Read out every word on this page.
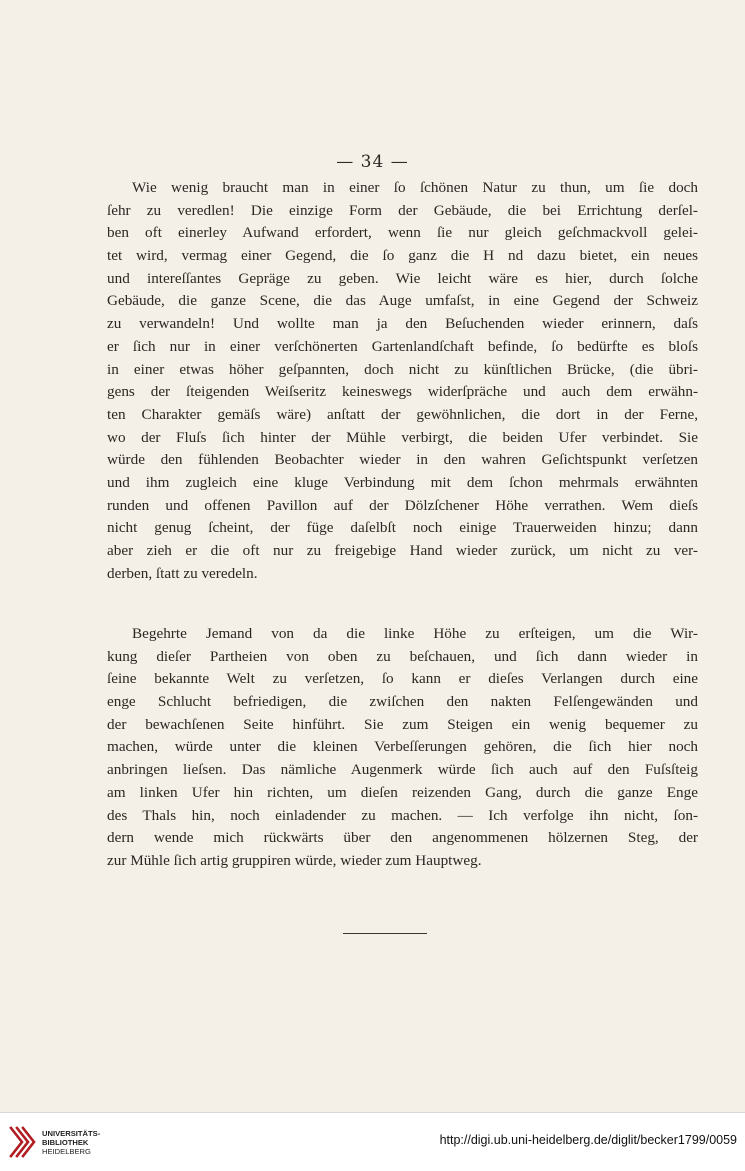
— 34 —
Wie wenig braucht man in einer ſo ſchönen Natur zu thun, um ſie doch
ſehr zu veredlen! Die einzige Form der Gebäude, die bei Errichtung derſel-
ben oft einerley Aufwand erfordert, wenn ſie nur gleich geſchmackvoll gelei-
tet wird, vermag einer Gegend, die ſo ganz die H nd dazu bietet, ein neues
und intereſſantes Gepräge zu geben. Wie leicht wäre es hier, durch ſolche
Gebäude, die ganze Scene, die das Auge umfaſst, in eine Gegend der Schweiz
zu verwandeln! Und wollte man ja den Beſuchenden wieder erinnern, daſs
er ſich nur in einer verſchönerten Gartenlandſchaft befinde, ſo bedürfte es bloſs
in einer etwas höher geſpannten, doch nicht zu künſtlichen Brücke, (die übri-
gens der ſteigenden Weiſseritz keineswegs widerſpräche und auch dem erwähn-
ten Charakter gemäſs wäre) anſtatt der gewöhnlichen, die dort in der Ferne,
wo der Fluſs ſich hinter der Mühle verbirgt, die beiden Ufer verbindet. Sie
würde den fühlenden Beobachter wieder in den wahren Geſichtspunkt verſetzen
und ihm zugleich eine kluge Verbindung mit dem ſchon mehrmals erwähnten
runden und offenen Pavillon auf der Dölzſchener Höhe verrathen. Wem dieſs
nicht genug ſcheint, der füge daſelbſt noch einige Trauerweiden hinzu; dann
aber zieh er die oft nur zu freigebige Hand wieder zurück, um nicht zu ver-
derben, ſtatt zu veredeln.
Begehrte Jemand von da die linke Höhe zu erſteigen, um die Wir-
kung dieſer Partheien von oben zu beſchauen, und ſich dann wieder in
ſeine bekannte Welt zu verſetzen, ſo kann er dieſes Verlangen durch eine
enge Schlucht befriedigen, die zwiſchen den nakten Felſengewänden und
der bewachſenen Seite hinführt. Sie zum Steigen ein wenig bequemer zu
machen, würde unter die kleinen Verbeſſerungen gehören, die ſich hier noch
anbringen lieſsen. Das nämliche Augenmerk würde ſich auch auf den Fuſsſteig
am linken Ufer hin richten, um dieſen reizenden Gang, durch die ganze Enge
des Thals hin, noch einladender zu machen. — Ich verfolge ihn nicht, ſon-
dern wende mich rückwärts über den angenommenen hölzernen Steg, der
zur Mühle ſich artig gruppiren würde, wieder zum Hauptweg.
UNIVERSITÄTS-
BIBLIOTHEK
HEIDELBERG
http://digi.ub.uni-heidelberg.de/diglit/becker1799/0059
